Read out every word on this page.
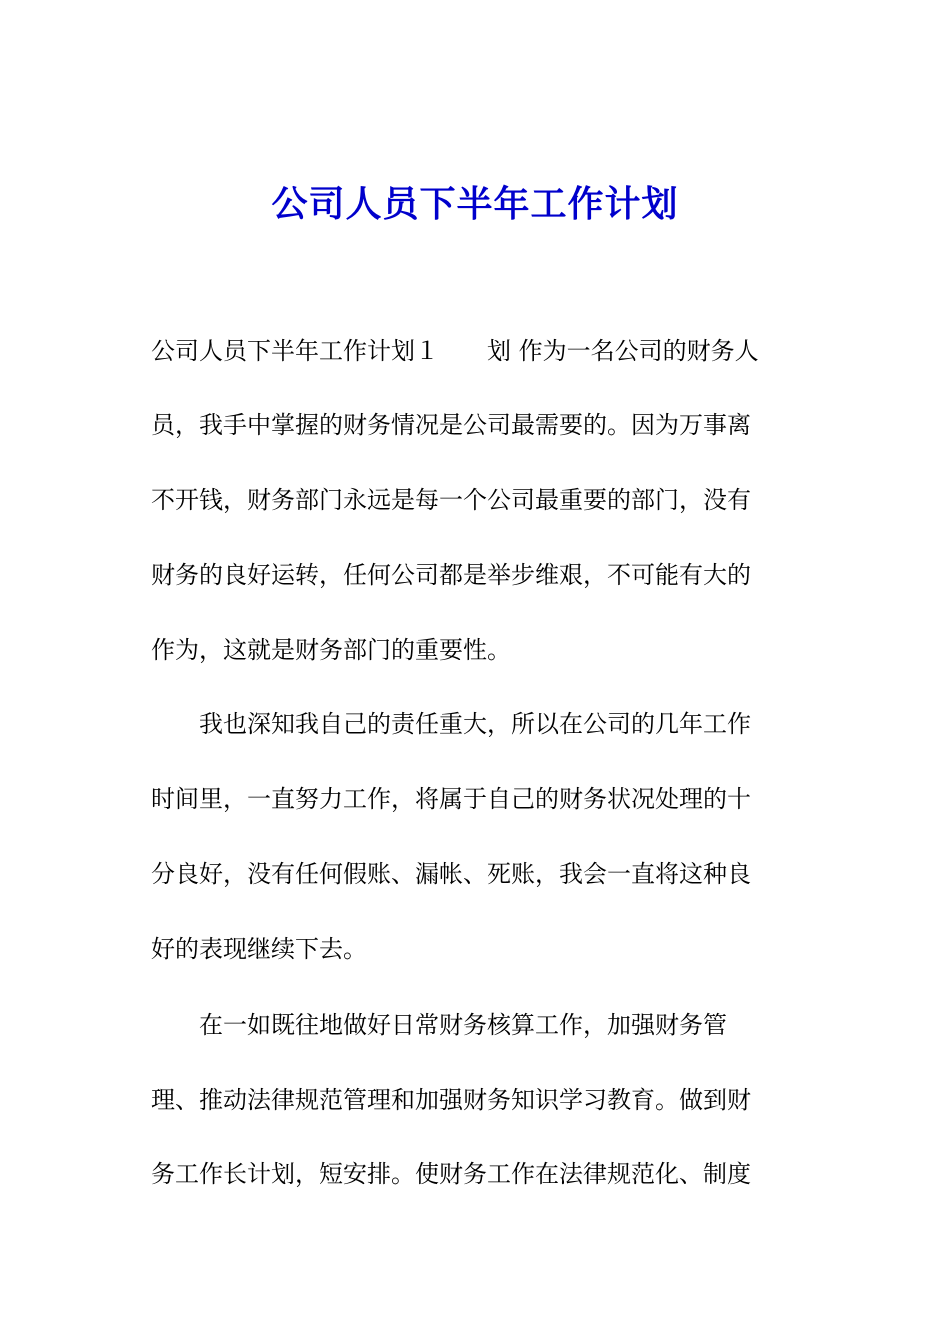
公司人员下半年工作计划

公司人员下半年工作计划１　　划 作为一名公司的财务人

员，我手中掌握的财务情况是公司最需要的。因为万事离

不开钱，财务部门永远是每一个公司最重要的部门，没有

财务的良好运转，任何公司都是举步维艰，不可能有大的

作为，这就是财务部门的重要性。

　　我也深知我自己的责任重大，所以在公司的几年工作

时间里，一直努力工作，将属于自己的财务状况处理的十

分良好，没有任何假账、漏帐、死账，我会一直将这种良

好的表现继续下去。

　　在一如既往地做好日常财务核算工作，加强财务管

理、推动法律规范管理和加强财务知识学习教育。做到财

务工作长计划，短安排。使财务工作在法律规范化、制度
